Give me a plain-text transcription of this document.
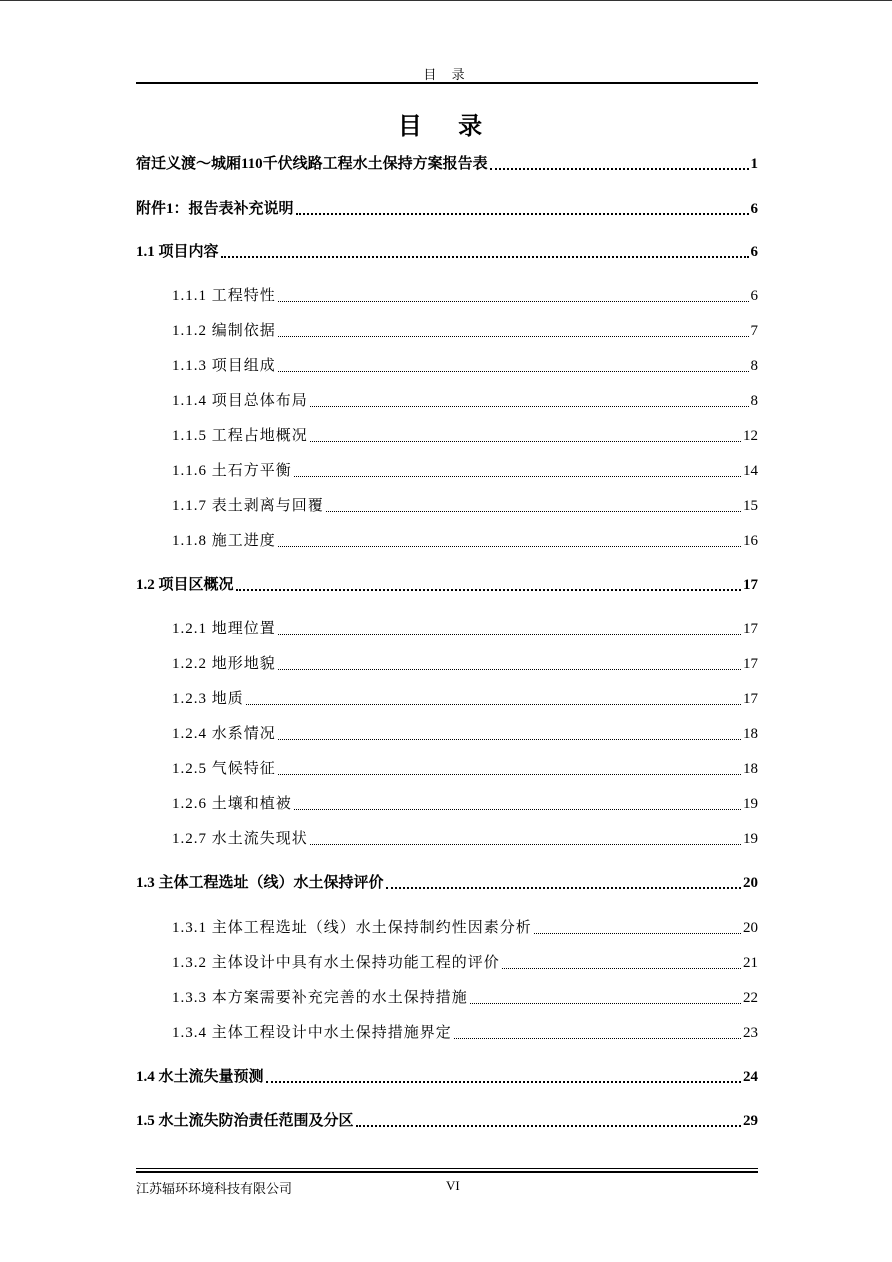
目 录
目 录
宿迁义渡～城厢110千伏线路工程水土保持方案报告表	1
附件1：报告表补充说明	6
1.1 项目内容	6
1.1.1 工程特性	6
1.1.2 编制依据	7
1.1.3 项目组成	8
1.1.4 项目总体布局	8
1.1.5 工程占地概况	12
1.1.6 土石方平衡	14
1.1.7 表土剥离与回覆	15
1.1.8 施工进度	16
1.2 项目区概况	17
1.2.1 地理位置	17
1.2.2 地形地貌	17
1.2.3 地质	17
1.2.4 水系情况	18
1.2.5 气候特征	18
1.2.6 土壤和植被	19
1.2.7 水土流失现状	19
1.3 主体工程选址（线）水土保持评价	20
1.3.1 主体工程选址（线）水土保持制约性因素分析	20
1.3.2 主体设计中具有水土保持功能工程的评价	21
1.3.3 本方案需要补充完善的水土保持措施	22
1.3.4 主体工程设计中水土保持措施界定	23
1.4 水土流失量预测	24
1.5 水土流失防治责任范围及分区	29
江苏辐环环境科技有限公司	VI
